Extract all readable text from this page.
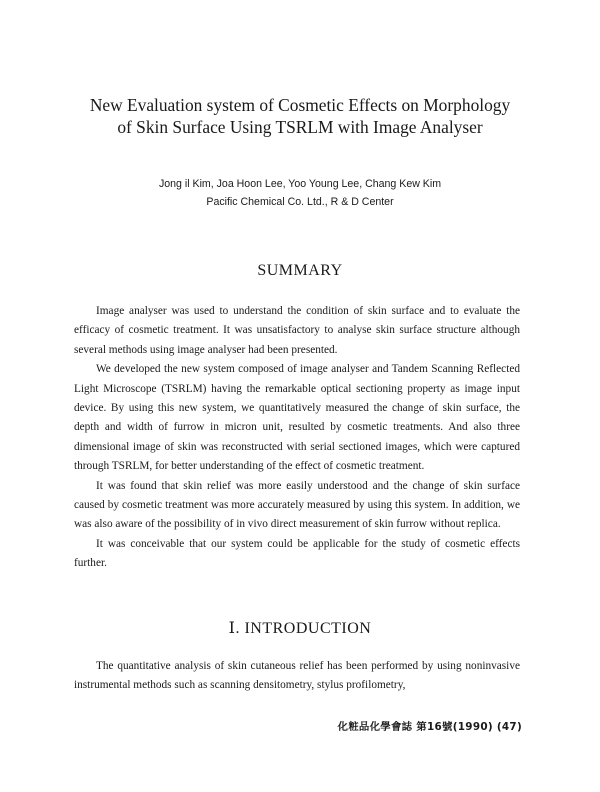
New Evaluation system of Cosmetic Effects on Morphology
of Skin Surface Using TSRLM with Image Analyser
Jong il Kim, Joa Hoon Lee, Yoo Young Lee, Chang Kew Kim
Pacific Chemical Co. Ltd., R & D Center
SUMMARY

Image analyser was used to understand the condition of skin surface and to evaluate the efficacy of cosmetic treatment. It was unsatisfactory to analyse skin surface structure although several methods using image analyser had been presented.

We developed the new system composed of image analyser and Tandem Scanning Reflected Light Microscope (TSRLM) having the remarkable optical sectioning property as image input device. By using this new system, we quantitatively measured the change of skin surface, the depth and width of furrow in micron unit, resulted by cosmetic treatments. And also three dimensional image of skin was reconstructed with serial sectioned images, which were captured through TSRLM, for better understanding of the effect of cosmetic treatment.

It was found that skin relief was more easily understood and the change of skin surface caused by cosmetic treatment was more accurately measured by using this system. In addition, we was also aware of the possibility of in vivo direct measurement of skin furrow without replica.

It was conceivable that our system could be applicable for the study of cosmetic effects further.

Ⅰ. INTRODUCTION

The quantitative analysis of skin cutaneous relief has been performed by using noninvasive instrumental methods such as scanning densitometry, stylus profilometry,

化粧品化學會誌 第16號(1990) (47)
